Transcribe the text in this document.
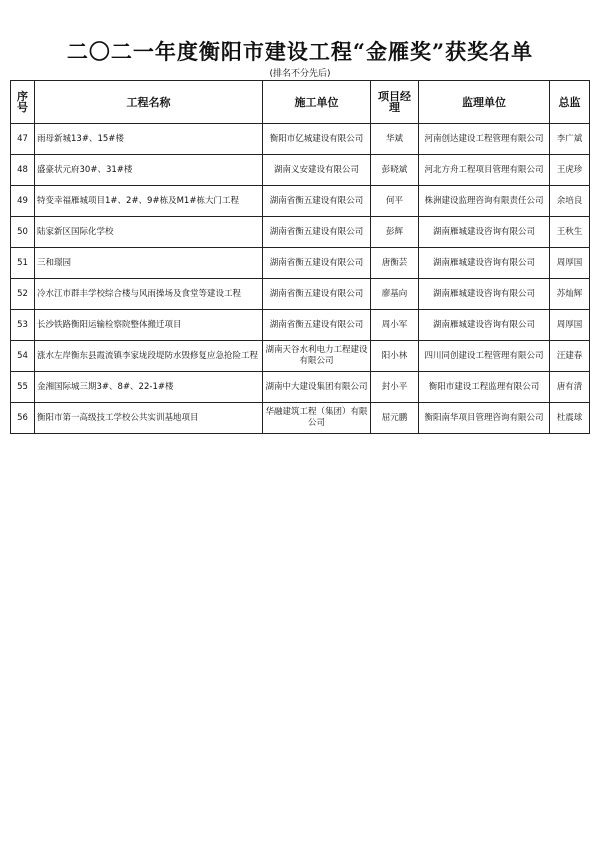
二〇二一年度衡阳市建设工程“金雁奖”获奖名单
(排名不分先后)
序号	工程名称	施工单位	项目经理	监理单位	总监
47	雨母新城13#、15#楼	衡阳市亿城建设有限公司	华斌	河南创达建设工程管理有限公司	李广斌
48	盛豪状元府30#、31#楼	湖南义安建设有限公司	彭晓斌	河北方舟工程项目管理有限公司	王虎珍
49	特变幸福雁城项目1#、2#、9#栋及M1#栋大门工程	湖南省衡五建设有限公司	何平	株洲建设监理咨询有限责任公司	余培良
50	陆家新区国际化学校	湖南省衡五建设有限公司	彭辉	湖南雁城建设咨询有限公司	王秋生
51	三和璟园	湖南省衡五建设有限公司	唐衡芸	湖南雁城建设咨询有限公司	周厚国
52	冷水江市群丰学校综合楼与风雨操场及食堂等建设工程	湖南省衡五建设有限公司	廖基向	湖南雁城建设咨询有限公司	苏灿辉
53	长沙铁路衡阳运输检察院整体搬迁项目	湖南省衡五建设有限公司	周小军	湖南雁城建设咨询有限公司	周厚国
54	涨水左岸衡东县霞流镇李家垅段堤防水毁修复应急抢险工程	湖南天谷水利电力工程建设有限公司	阳小林	四川同创建设工程管理有限公司	汪建春
55	金湘国际城三期3#、8#、22-1#楼	湖南中大建设集团有限公司	封小平	衡阳市建设工程监理有限公司	唐有清
56	衡阳市第一高级技工学校公共实训基地项目	华融建筑工程（集团）有限公司	屈元鹏	衡阳南华项目管理咨询有限公司	杜震球
